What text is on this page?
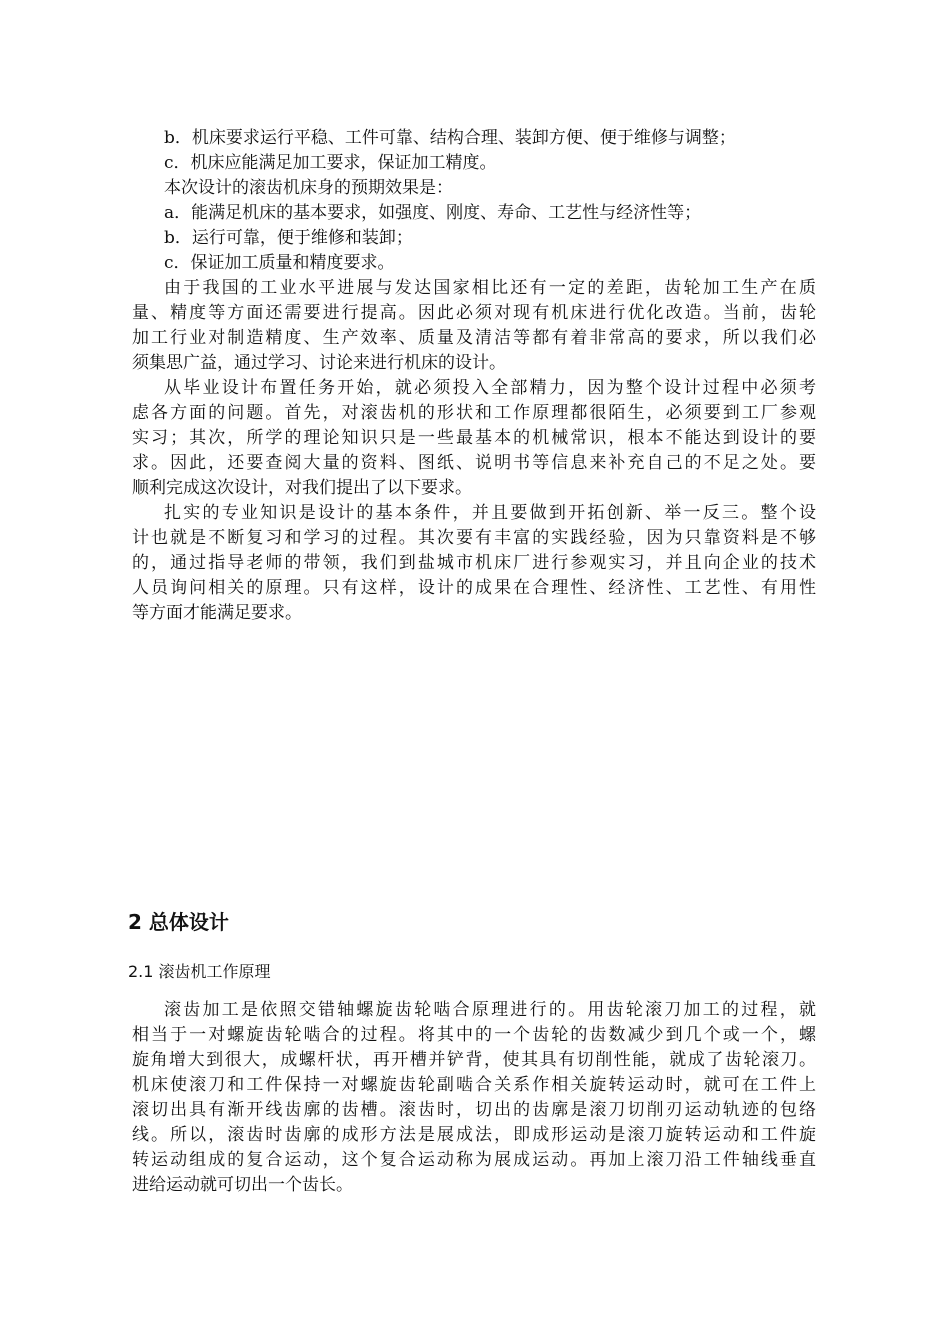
b．机床要求运行平稳、工件可靠、结构合理、装卸方便、便于维修与调整；
c．机床应能满足加工要求，保证加工精度。
本次设计的滚齿机床身的预期效果是：
a．能满足机床的基本要求，如强度、刚度、寿命、工艺性与经济性等；
b．运行可靠，便于维修和装卸；
c．保证加工质量和精度要求。
由于我国的工业水平进展与发达国家相比还有一定的差距，齿轮加工生产在质
量、精度等方面还需要进行提高。因此必须对现有机床进行优化改造。当前，齿轮
加工行业对制造精度、生产效率、质量及清洁等都有着非常高的要求，所以我们必
须集思广益，通过学习、讨论来进行机床的设计。
从毕业设计布置任务开始，就必须投入全部精力，因为整个设计过程中必须考
虑各方面的问题。首先，对滚齿机的形状和工作原理都很陌生，必须要到工厂参观
实习；其次，所学的理论知识只是一些最基本的机械常识，根本不能达到设计的要
求。因此，还要查阅大量的资料、图纸、说明书等信息来补充自己的不足之处。要
顺利完成这次设计，对我们提出了以下要求。
扎实的专业知识是设计的基本条件，并且要做到开拓创新、举一反三。整个设
计也就是不断复习和学习的过程。其次要有丰富的实践经验，因为只靠资料是不够
的，通过指导老师的带领，我们到盐城市机床厂进行参观实习，并且向企业的技术
人员询问相关的原理。只有这样，设计的成果在合理性、经济性、工艺性、有用性
等方面才能满足要求。
2 总体设计
2.1 滚齿机工作原理
滚齿加工是依照交错轴螺旋齿轮啮合原理进行的。用齿轮滚刀加工的过程，就
相当于一对螺旋齿轮啮合的过程。将其中的一个齿轮的齿数减少到几个或一个，螺
旋角增大到很大，成螺杆状，再开槽并铲背，使其具有切削性能，就成了齿轮滚刀。
机床使滚刀和工件保持一对螺旋齿轮副啮合关系作相关旋转运动时，就可在工件上
滚切出具有渐开线齿廓的齿槽。滚齿时，切出的齿廓是滚刀切削刃运动轨迹的包络
线。所以，滚齿时齿廓的成形方法是展成法，即成形运动是滚刀旋转运动和工件旋
转运动组成的复合运动，这个复合运动称为展成运动。再加上滚刀沿工件轴线垂直
进给运动就可切出一个齿长。
